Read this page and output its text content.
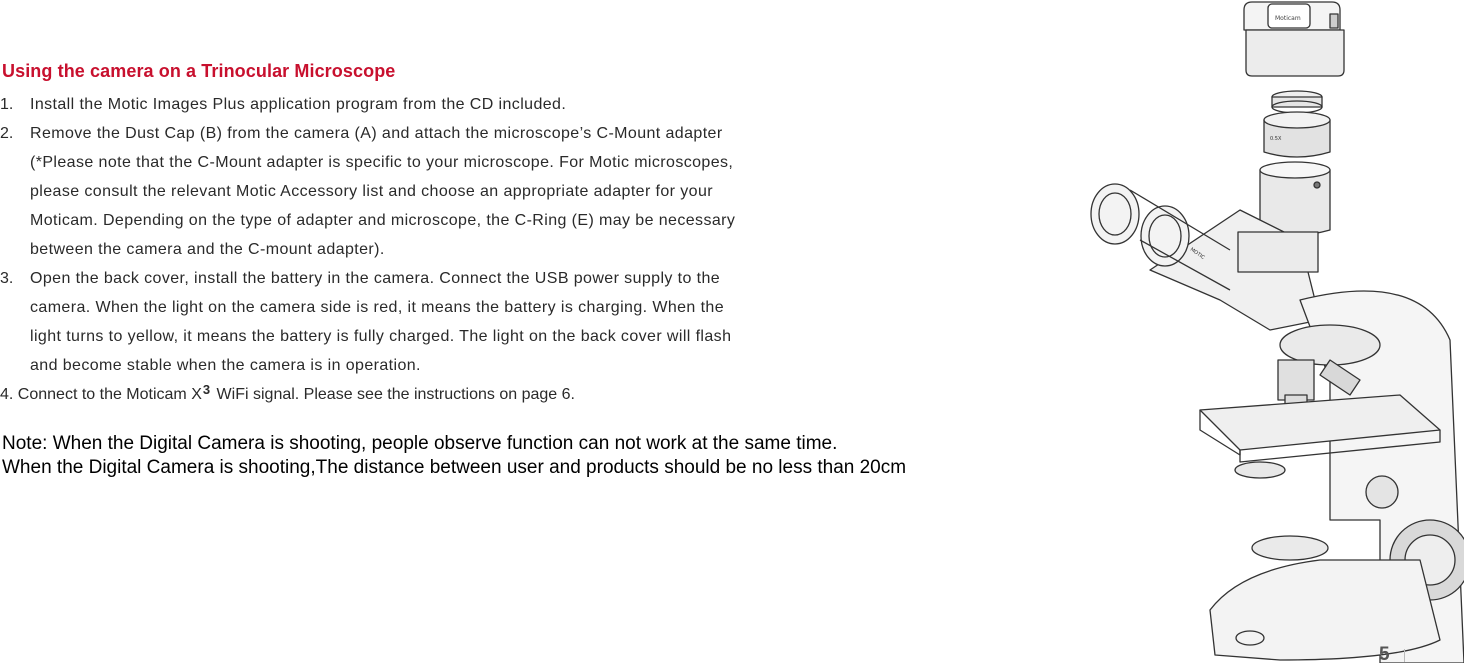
Using the camera on a Trinocular Microscope
1. Install the Motic Images Plus application program from the CD included.
2. Remove the Dust Cap (B) from the camera (A) and attach the microscope’s C-Mount adapter
(*Please note that the C-Mount adapter is specific to your microscope. For Motic microscopes,
please consult the relevant Motic Accessory list and choose an appropriate adapter for your
Moticam. Depending on the type of adapter and microscope, the C-Ring (E) may be necessary
between the camera and the C-mount adapter).
3. Open the back cover, install the battery in the camera. Connect the USB power supply to the
camera. When the light on the camera side is red, it means the battery is charging. When the
light turns to yellow, it means the battery is fully charged. The light on the back cover will flash
and become stable when the camera is in operation.
4. Connect to the Moticam $X^3$ WiFi signal. Please see the instructions on page 6.
Note: When the Digital Camera is shooting, people observe function can not work at the same time.
When the Digital Camera is shooting,The distance between user and products should be no less than 20cm
Moticam
0.5X
MOTIC
5
